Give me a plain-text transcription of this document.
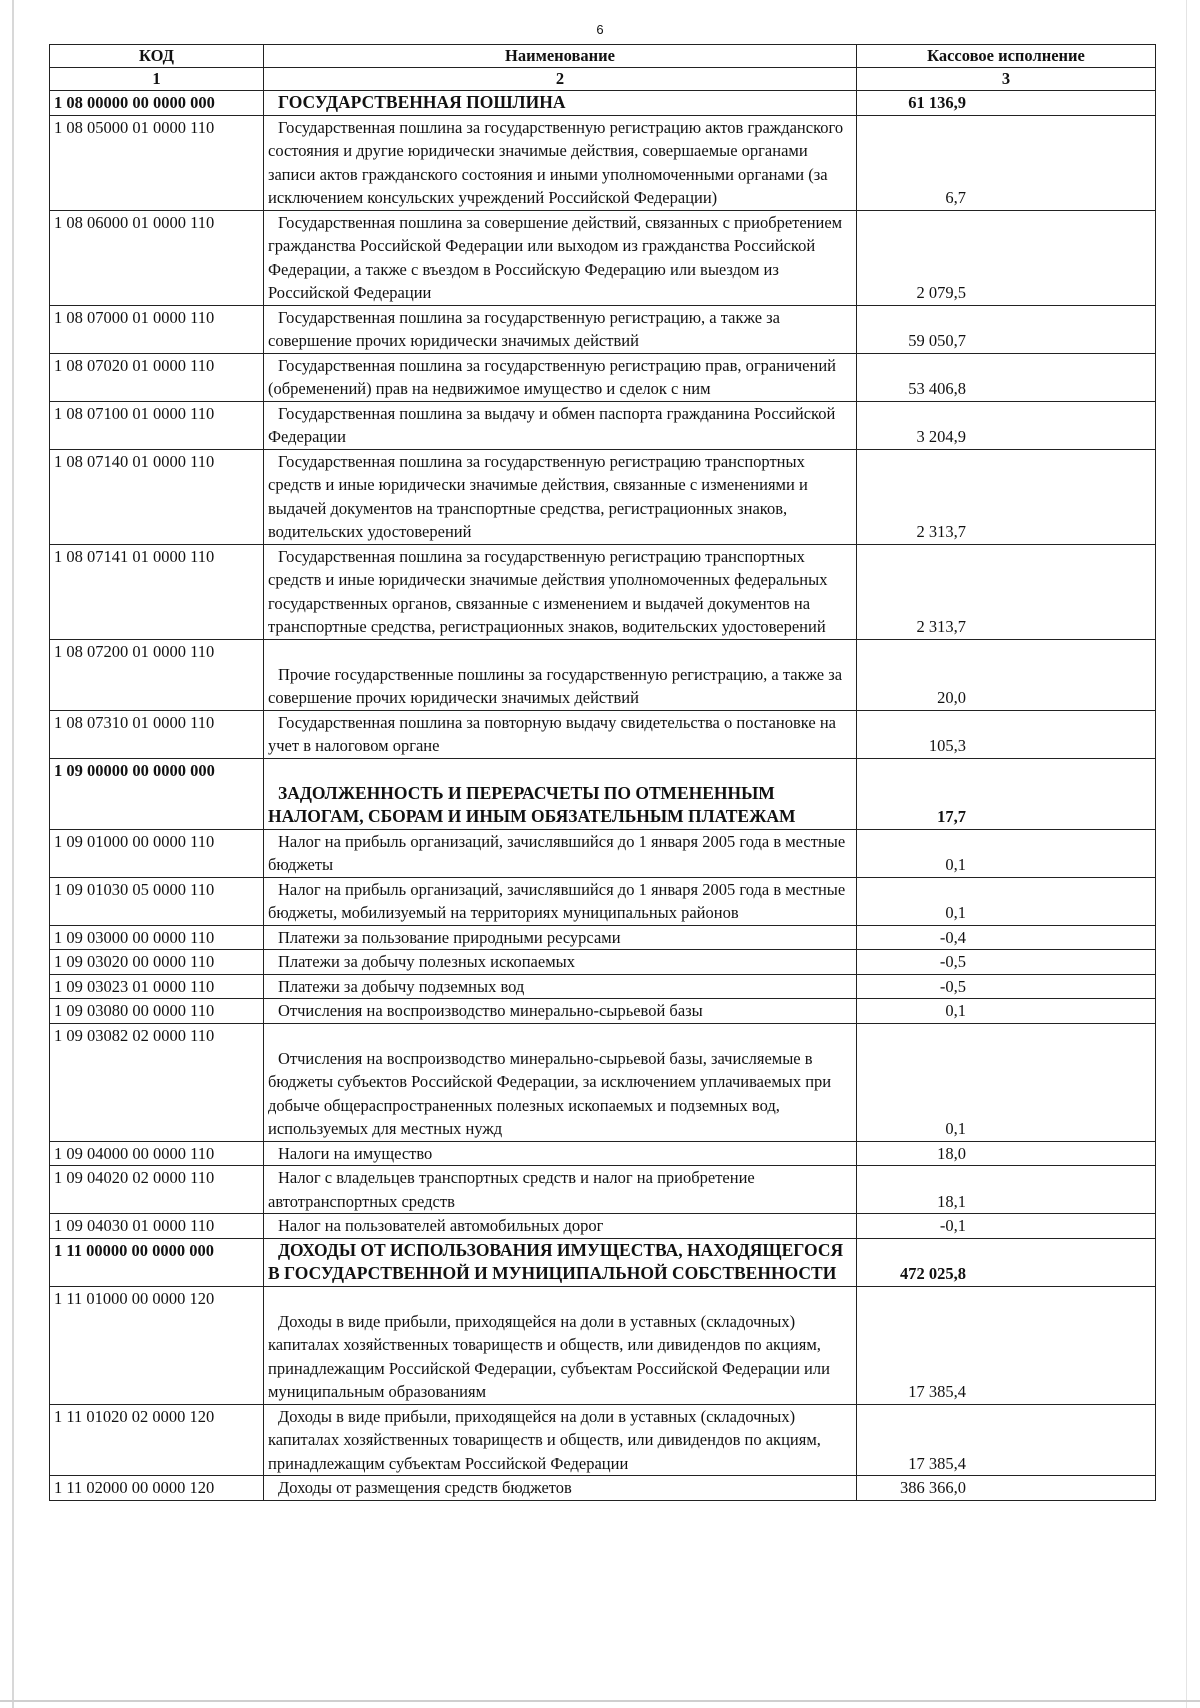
6
КОД	Наименование	Кассовое исполнение
1	2	3
1 08 00000 00 0000 000	ГОСУДАРСТВЕННАЯ ПОШЛИНА	61 136,9
1 08 05000 01 0000 110	Государственная пошлина за государственную регистрацию актов гражданского состояния и другие юридически значимые действия, совершаемые органами записи актов гражданского состояния и иными уполномоченными органами (за исключением консульских учреждений Российской Федерации)	6,7
1 08 06000 01 0000 110	Государственная пошлина за совершение действий, связанных с приобретением гражданства Российской Федерации или выходом из гражданства Российской Федерации, а также с въездом в Российскую Федерацию или выездом из Российской Федерации	2 079,5
1 08 07000 01 0000 110	Государственная пошлина за государственную регистрацию, а также за совершение прочих юридически значимых действий	59 050,7
1 08 07020 01 0000 110	Государственная пошлина за государственную регистрацию прав, ограничений (обременений) прав на недвижимое имущество и сделок с ним	53 406,8
1 08 07100 01 0000 110	Государственная пошлина за выдачу и обмен паспорта гражданина Российской Федерации	3 204,9
1 08 07140 01 0000 110	Государственная пошлина за государственную регистрацию транспортных средств и иные юридически значимые действия, связанные с изменениями и выдачей документов на транспортные средства, регистрационных знаков, водительских удостоверений	2 313,7
1 08 07141 01 0000 110	Государственная пошлина за государственную регистрацию транспортных средств и иные юридически значимые действия уполномоченных федеральных государственных органов, связанные с изменением и выдачей документов на транспортные средства, регистрационных знаков, водительских удостоверений	2 313,7
1 08 07200 01 0000 110	Прочие государственные пошлины за государственную регистрацию, а также за совершение прочих юридически значимых действий	20,0
1 08 07310 01 0000 110	Государственная пошлина за повторную выдачу свидетельства о постановке на учет в налоговом органе	105,3
1 09 00000 00 0000 000	ЗАДОЛЖЕННОСТЬ И ПЕРЕРАСЧЕТЫ ПО ОТМЕНЕННЫМ НАЛОГАМ, СБОРАМ И ИНЫМ ОБЯЗАТЕЛЬНЫМ ПЛАТЕЖАМ	17,7
1 09 01000 00 0000 110	Налог на прибыль организаций, зачислявшийся до 1 января 2005 года в местные бюджеты	0,1
1 09 01030 05 0000 110	Налог на прибыль организаций, зачислявшийся до 1 января 2005 года в местные бюджеты, мобилизуемый на территориях муниципальных районов	0,1
1 09 03000 00 0000 110	Платежи за пользование природными ресурсами	-0,4
1 09 03020 00 0000 110	Платежи за добычу полезных ископаемых	-0,5
1 09 03023 01 0000 110	Платежи за добычу подземных вод	-0,5
1 09 03080 00 0000 110	Отчисления на воспроизводство минерально-сырьевой базы	0,1
1 09 03082 02 0000 110	Отчисления на воспроизводство минерально-сырьевой базы, зачисляемые в бюджеты субъектов Российской Федерации, за исключением уплачиваемых при добыче общераспространенных полезных ископаемых и подземных вод, используемых для местных нужд	0,1
1 09 04000 00 0000 110	Налоги на имущество	18,0
1 09 04020 02 0000 110	Налог с владельцев транспортных средств и налог на приобретение автотранспортных средств	18,1
1 09 04030 01 0000 110	Налог на пользователей автомобильных дорог	-0,1
1 11 00000 00 0000 000	ДОХОДЫ ОТ ИСПОЛЬЗОВАНИЯ ИМУЩЕСТВА, НАХОДЯЩЕГОСЯ В ГОСУДАРСТВЕННОЙ И МУНИЦИПАЛЬНОЙ СОБСТВЕННОСТИ	472 025,8
1 11 01000 00 0000 120	Доходы в виде прибыли, приходящейся на доли в уставных (складочных) капиталах хозяйственных товариществ и обществ, или дивидендов по акциям, принадлежащим Российской Федерации, субъектам Российской Федерации или муниципальным образованиям	17 385,4
1 11 01020 02 0000 120	Доходы в виде прибыли, приходящейся на доли в уставных (складочных) капиталах хозяйственных товариществ и обществ, или дивидендов по акциям, принадлежащим субъектам Российской Федерации	17 385,4
1 11 02000 00 0000 120	Доходы от размещения средств бюджетов	386 366,0
